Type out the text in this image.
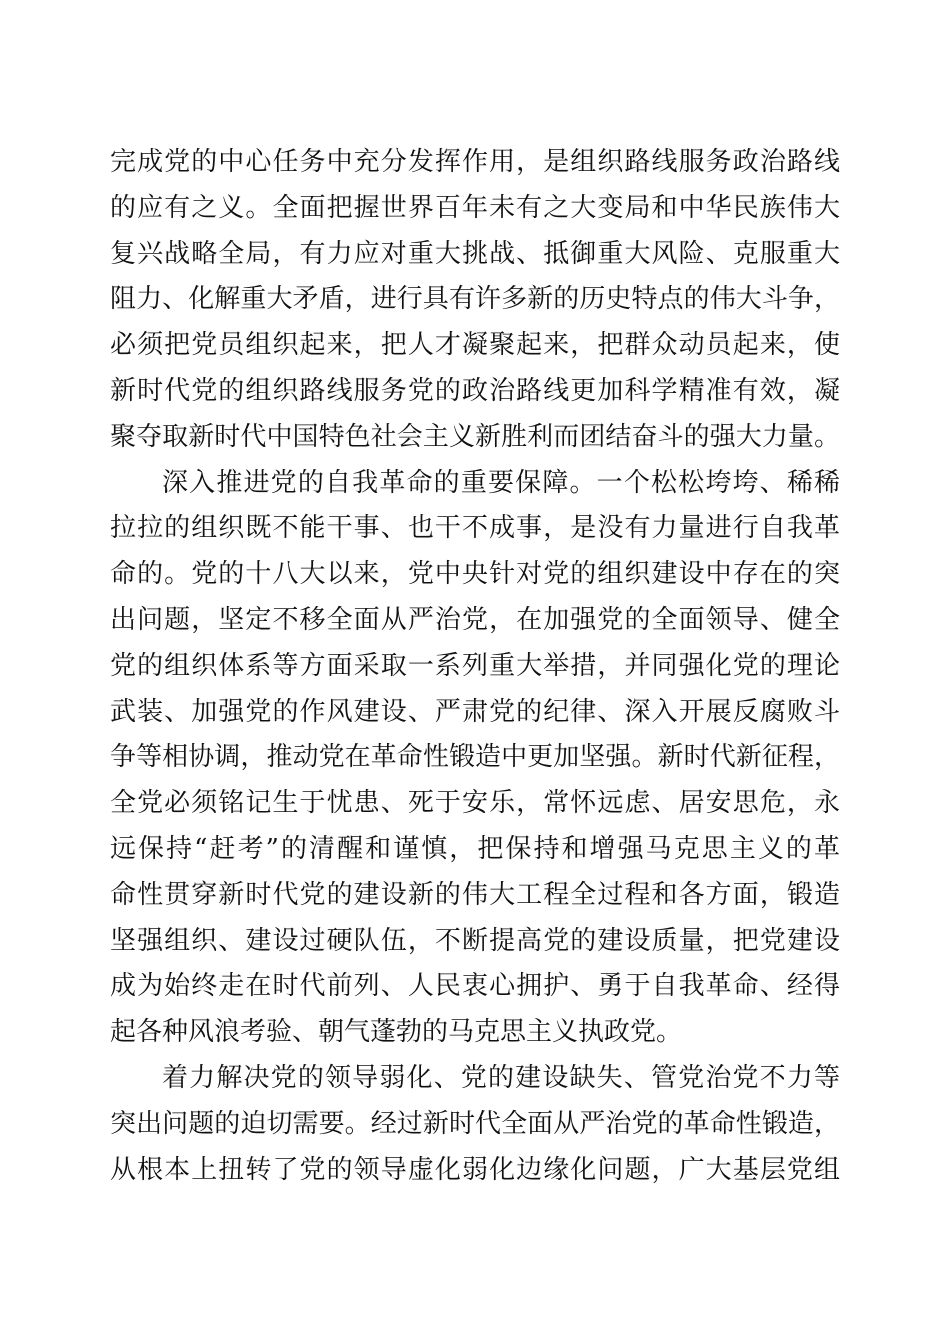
完成党的中心任务中充分发挥作用，是组织路线服务政治路线
的应有之义。全面把握世界百年未有之大变局和中华民族伟大
复兴战略全局，有力应对重大挑战、抵御重大风险、克服重大
阻力、化解重大矛盾，进行具有许多新的历史特点的伟大斗争，
必须把党员组织起来，把人才凝聚起来，把群众动员起来，使
新时代党的组织路线服务党的政治路线更加科学精准有效，凝
聚夺取新时代中国特色社会主义新胜利而团结奋斗的强大力量。
深入推进党的自我革命的重要保障。一个松松垮垮、稀稀
拉拉的组织既不能干事、也干不成事，是没有力量进行自我革
命的。党的十八大以来，党中央针对党的组织建设中存在的突
出问题，坚定不移全面从严治党，在加强党的全面领导、健全
党的组织体系等方面采取一系列重大举措，并同强化党的理论
武装、加强党的作风建设、严肃党的纪律、深入开展反腐败斗
争等相协调，推动党在革命性锻造中更加坚强。新时代新征程，
全党必须铭记生于忧患、死于安乐，常怀远虑、居安思危，永
远保持“赶考”的清醒和谨慎，把保持和增强马克思主义的革
命性贯穿新时代党的建设新的伟大工程全过程和各方面，锻造
坚强组织、建设过硬队伍，不断提高党的建设质量，把党建设
成为始终走在时代前列、人民衷心拥护、勇于自我革命、经得
起各种风浪考验、朝气蓬勃的马克思主义执政党。
着力解决党的领导弱化、党的建设缺失、管党治党不力等
突出问题的迫切需要。经过新时代全面从严治党的革命性锻造，
从根本上扭转了党的领导虚化弱化边缘化问题，广大基层党组
